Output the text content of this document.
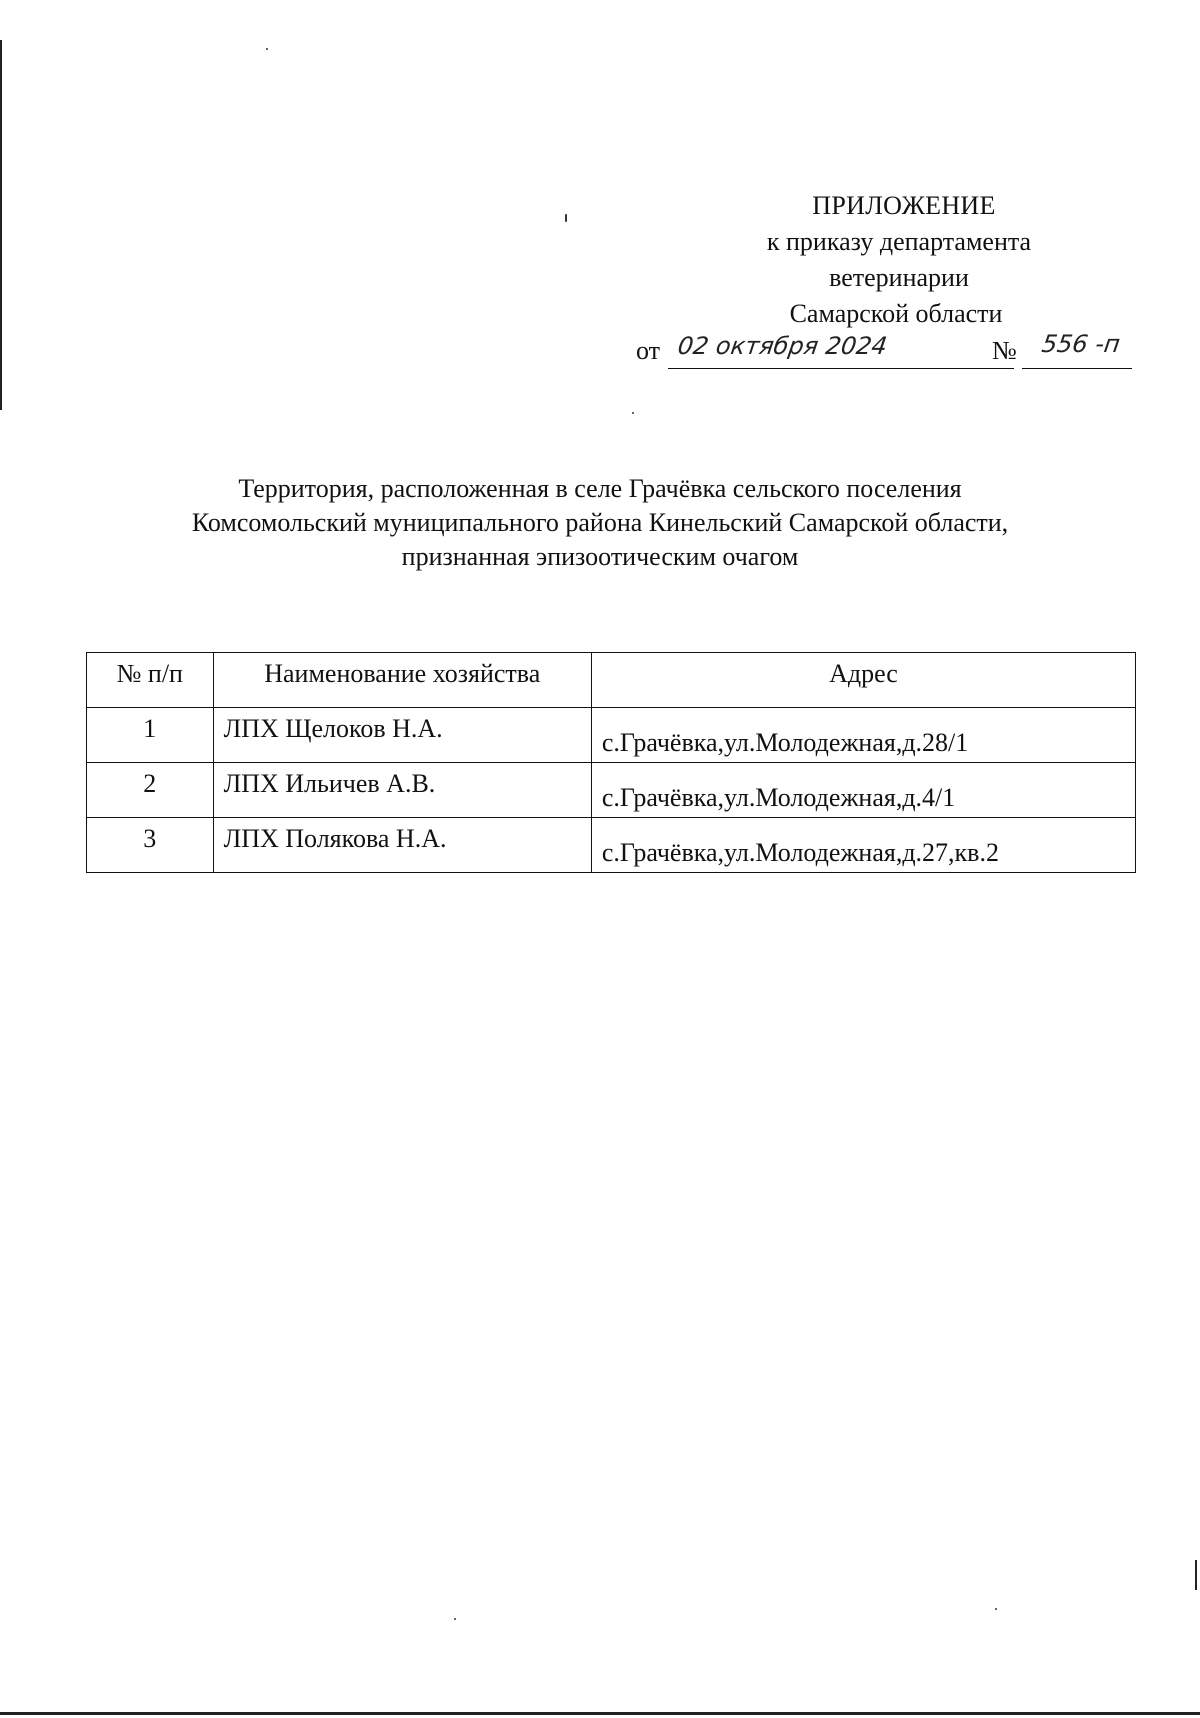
ПРИЛОЖЕНИЕ
к приказу департамента ветеринарии
Самарской области
от 02 октября 2024	№ 556 -п
Территория, расположенная в селе Грачёвка сельского поселения
Комсомольский муниципального района Кинельский Самарской области,
признанная эпизоотическим очагом
№ п/п	Наименование хозяйства	Адрес
1	ЛПХ Щелоков Н.А.	с.Грачёвка,ул.Молодежная,д.28/1
2	ЛПХ Ильичев А.В.	с.Грачёвка,ул.Молодежная,д.4/1
3	ЛПХ Полякова Н.А.	с.Грачёвка,ул.Молодежная,д.27,кв.2
